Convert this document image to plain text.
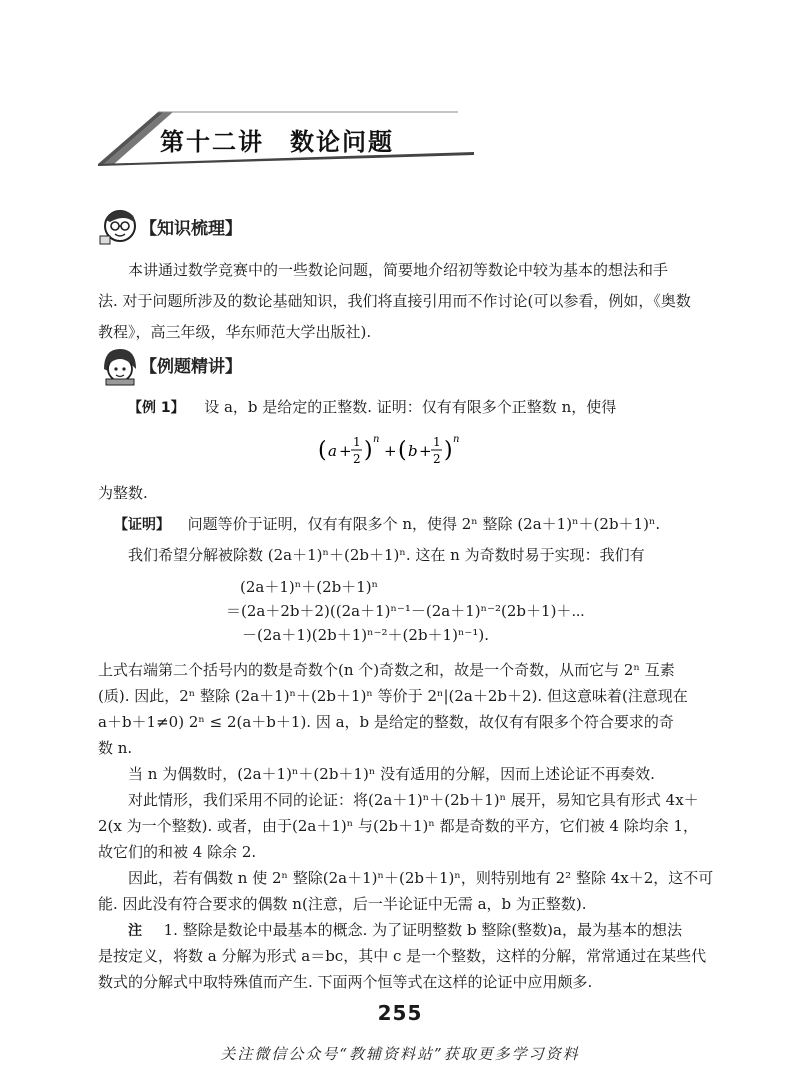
第十二讲　数论问题
【知识梳理】
本讲通过数学竞赛中的一些数论问题，简要地介绍初等数论中较为基本的想法和手
法. 对于问题所涉及的数论基础知识，我们将直接引用而不作讨论(可以参看，例如，《奥数
教程》，高三年级，华东师范大学出版社).
【例题精讲】
【例 1】 设 a，b 是给定的正整数. 证明：仅有有限多个正整数 n，使得
( a + 1
2 ) n
+ ( b + 1
2 ) n
为整数.
【证明】 问题等价于证明，仅有有限多个 n，使得 2ⁿ 整除 (2a＋1)ⁿ＋(2b＋1)ⁿ.
我们希望分解被除数 (2a＋1)ⁿ＋(2b＋1)ⁿ. 这在 n 为奇数时易于实现：我们有
(2a＋1)ⁿ＋(2b＋1)ⁿ
＝(2a＋2b＋2)((2a＋1)ⁿ⁻¹－(2a＋1)ⁿ⁻²(2b＋1)＋⋯
－(2a＋1)(2b＋1)ⁿ⁻²＋(2b＋1)ⁿ⁻¹).
上式右端第二个括号内的数是奇数个(n 个)奇数之和，故是一个奇数，从而它与 2ⁿ 互素
(质). 因此，2ⁿ 整除 (2a＋1)ⁿ＋(2b＋1)ⁿ 等价于 2ⁿ|(2a＋2b＋2). 但这意味着(注意现在
a＋b＋1≠0) 2ⁿ ≤ 2(a＋b＋1). 因 a，b 是给定的整数，故仅有有限多个符合要求的奇
数 n.
当 n 为偶数时，(2a＋1)ⁿ＋(2b＋1)ⁿ 没有适用的分解，因而上述论证不再奏效.
对此情形，我们采用不同的论证：将(2a＋1)ⁿ＋(2b＋1)ⁿ 展开，易知它具有形式 4x＋
2(x 为一个整数). 或者，由于(2a＋1)ⁿ 与(2b＋1)ⁿ 都是奇数的平方，它们被 4 除均余 1，
故它们的和被 4 除余 2.
因此，若有偶数 n 使 2ⁿ 整除(2a＋1)ⁿ＋(2b＋1)ⁿ，则特别地有 2² 整除 4x＋2，这不可
能. 因此没有符合要求的偶数 n(注意，后一半论证中无需 a，b 为正整数).
注 1. 整除是数论中最基本的概念. 为了证明整数 b 整除(整数)a，最为基本的想法
是按定义，将数 a 分解为形式 a＝bc，其中 c 是一个整数，这样的分解，常常通过在某些代
数式的分解式中取特殊值而产生. 下面两个恒等式在这样的论证中应用颇多.
255
关注微信公众号“教辅资料站”获取更多学习资料
